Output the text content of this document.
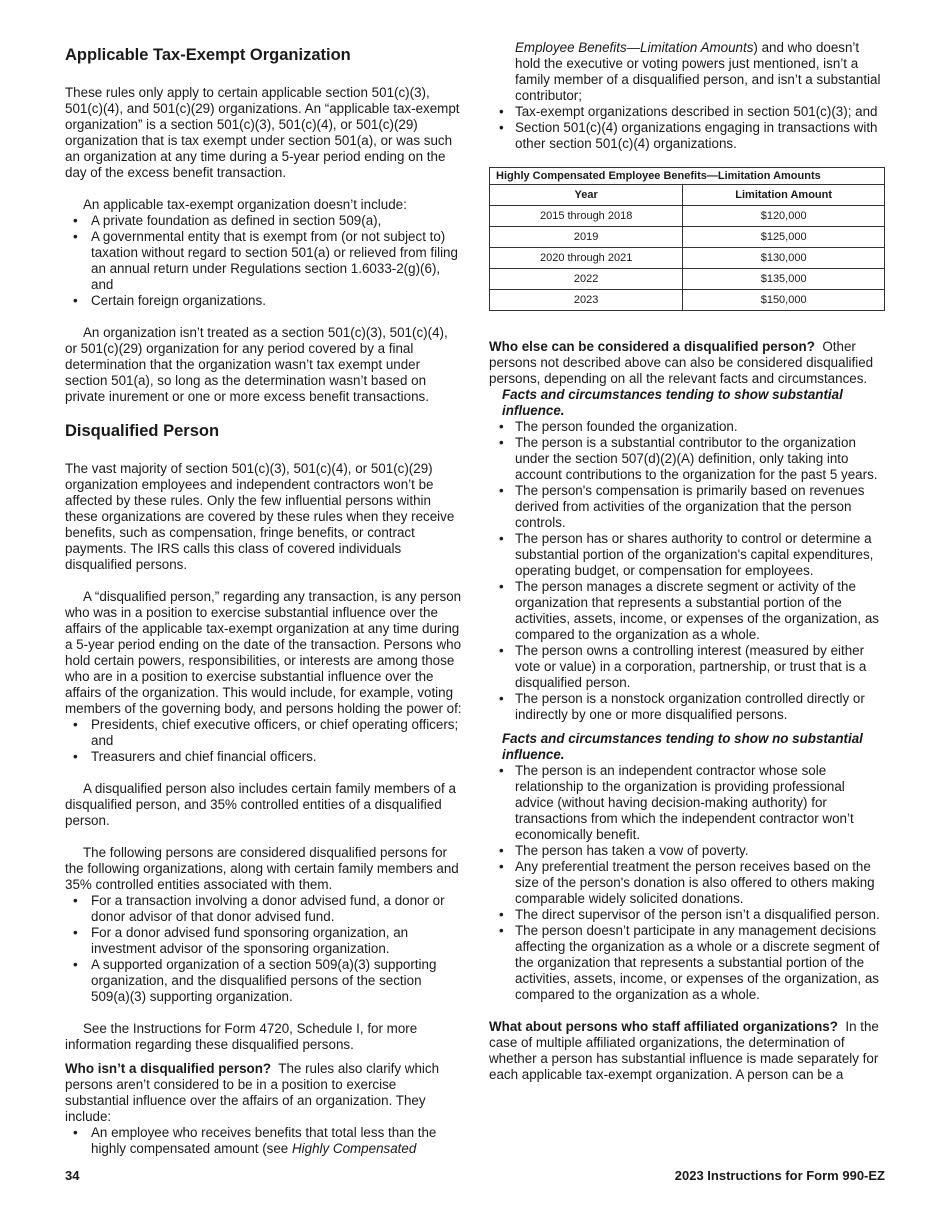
Applicable Tax-Exempt Organization

These rules only apply to certain applicable section 501(c)(3), 501(c)(4), and 501(c)(29) organizations. An “applicable tax-exempt organization” is a section 501(c)(3), 501(c)(4), or 501(c)(29) organization that is tax exempt under section 501(a), or was such an organization at any time during a 5-year period ending on the day of the excess benefit transaction.

An applicable tax-exempt organization doesn’t include:

• A private foundation as defined in section 509(a),
• A governmental entity that is exempt from (or not subject to) taxation without regard to section 501(a) or relieved from filing an annual return under Regulations section 1.6033-2(g)(6), and
• Certain foreign organizations.

An organization isn’t treated as a section 501(c)(3), 501(c)(4), or 501(c)(29) organization for any period covered by a final determination that the organization wasn’t tax exempt under section 501(a), so long as the determination wasn’t based on private inurement or one or more excess benefit transactions.

Disqualified Person

The vast majority of section 501(c)(3), 501(c)(4), or 501(c)(29) organization employees and independent contractors won’t be affected by these rules. Only the few influential persons within these organizations are covered by these rules when they receive benefits, such as compensation, fringe benefits, or contract payments. The IRS calls this class of covered individuals disqualified persons.

A “disqualified person,” regarding any transaction, is any person who was in a position to exercise substantial influence over the affairs of the applicable tax-exempt organization at any time during a 5-year period ending on the date of the transaction. Persons who hold certain powers, responsibilities, or interests are among those who are in a position to exercise substantial influence over the affairs of the organization. This would include, for example, voting members of the governing body, and persons holding the power of:

• Presidents, chief executive officers, or chief operating officers; and
• Treasurers and chief financial officers.

A disqualified person also includes certain family members of a disqualified person, and 35% controlled entities of a disqualified person.

The following persons are considered disqualified persons for the following organizations, along with certain family members and 35% controlled entities associated with them.

• For a transaction involving a donor advised fund, a donor or donor advisor of that donor advised fund.
• For a donor advised fund sponsoring organization, an investment advisor of the sponsoring organization.
• A supported organization of a section 509(a)(3) supporting organization, and the disqualified persons of the section 509(a)(3) supporting organization.

See the Instructions for Form 4720, Schedule I, for more information regarding these disqualified persons.

Who isn’t a disqualified person? The rules also clarify which persons aren’t considered to be in a position to exercise substantial influence over the affairs of an organization. They include:

• An employee who receives benefits that total less than the highly compensated amount (see Highly Compensated
Employee Benefits—Limitation Amounts) and who doesn’t hold the executive or voting powers just mentioned, isn’t a family member of a disqualified person, and isn’t a substantial contributor;
• Tax-exempt organizations described in section 501(c)(3); and
• Section 501(c)(4) organizations engaging in transactions with other section 501(c)(4) organizations.
Highly Compensated Employee Benefits—Limitation Amounts	
Year	Limitation Amount
2015 through 2018	$120,000
2019	$125,000
2020 through 2021	$130,000
2022	$135,000
2023	$150,000

Who else can be considered a disqualified person? Other persons not described above can also be considered disqualified persons, depending on all the relevant facts and circumstances.

Facts and circumstances tending to show substantial influence.

• The person founded the organization.
• The person is a substantial contributor to the organization under the section 507(d)(2)(A) definition, only taking into account contributions to the organization for the past 5 years.
• The person's compensation is primarily based on revenues derived from activities of the organization that the person controls.
• The person has or shares authority to control or determine a substantial portion of the organization's capital expenditures, operating budget, or compensation for employees.
• The person manages a discrete segment or activity of the organization that represents a substantial portion of the activities, assets, income, or expenses of the organization, as compared to the organization as a whole.
• The person owns a controlling interest (measured by either vote or value) in a corporation, partnership, or trust that is a disqualified person.
• The person is a nonstock organization controlled directly or indirectly by one or more disqualified persons.

Facts and circumstances tending to show no substantial influence.

• The person is an independent contractor whose sole relationship to the organization is providing professional advice (without having decision-making authority) for transactions from which the independent contractor won’t economically benefit.
• The person has taken a vow of poverty.
• Any preferential treatment the person receives based on the size of the person's donation is also offered to others making comparable widely solicited donations.
• The direct supervisor of the person isn’t a disqualified person.
• The person doesn’t participate in any management decisions affecting the organization as a whole or a discrete segment of the organization that represents a substantial portion of the activities, assets, income, or expenses of the organization, as compared to the organization as a whole.

What about persons who staff affiliated organizations? In the case of multiple affiliated organizations, the determination of whether a person has substantial influence is made separately for each applicable tax-exempt organization. A person can be a

34	2023 Instructions for Form 990-EZ
